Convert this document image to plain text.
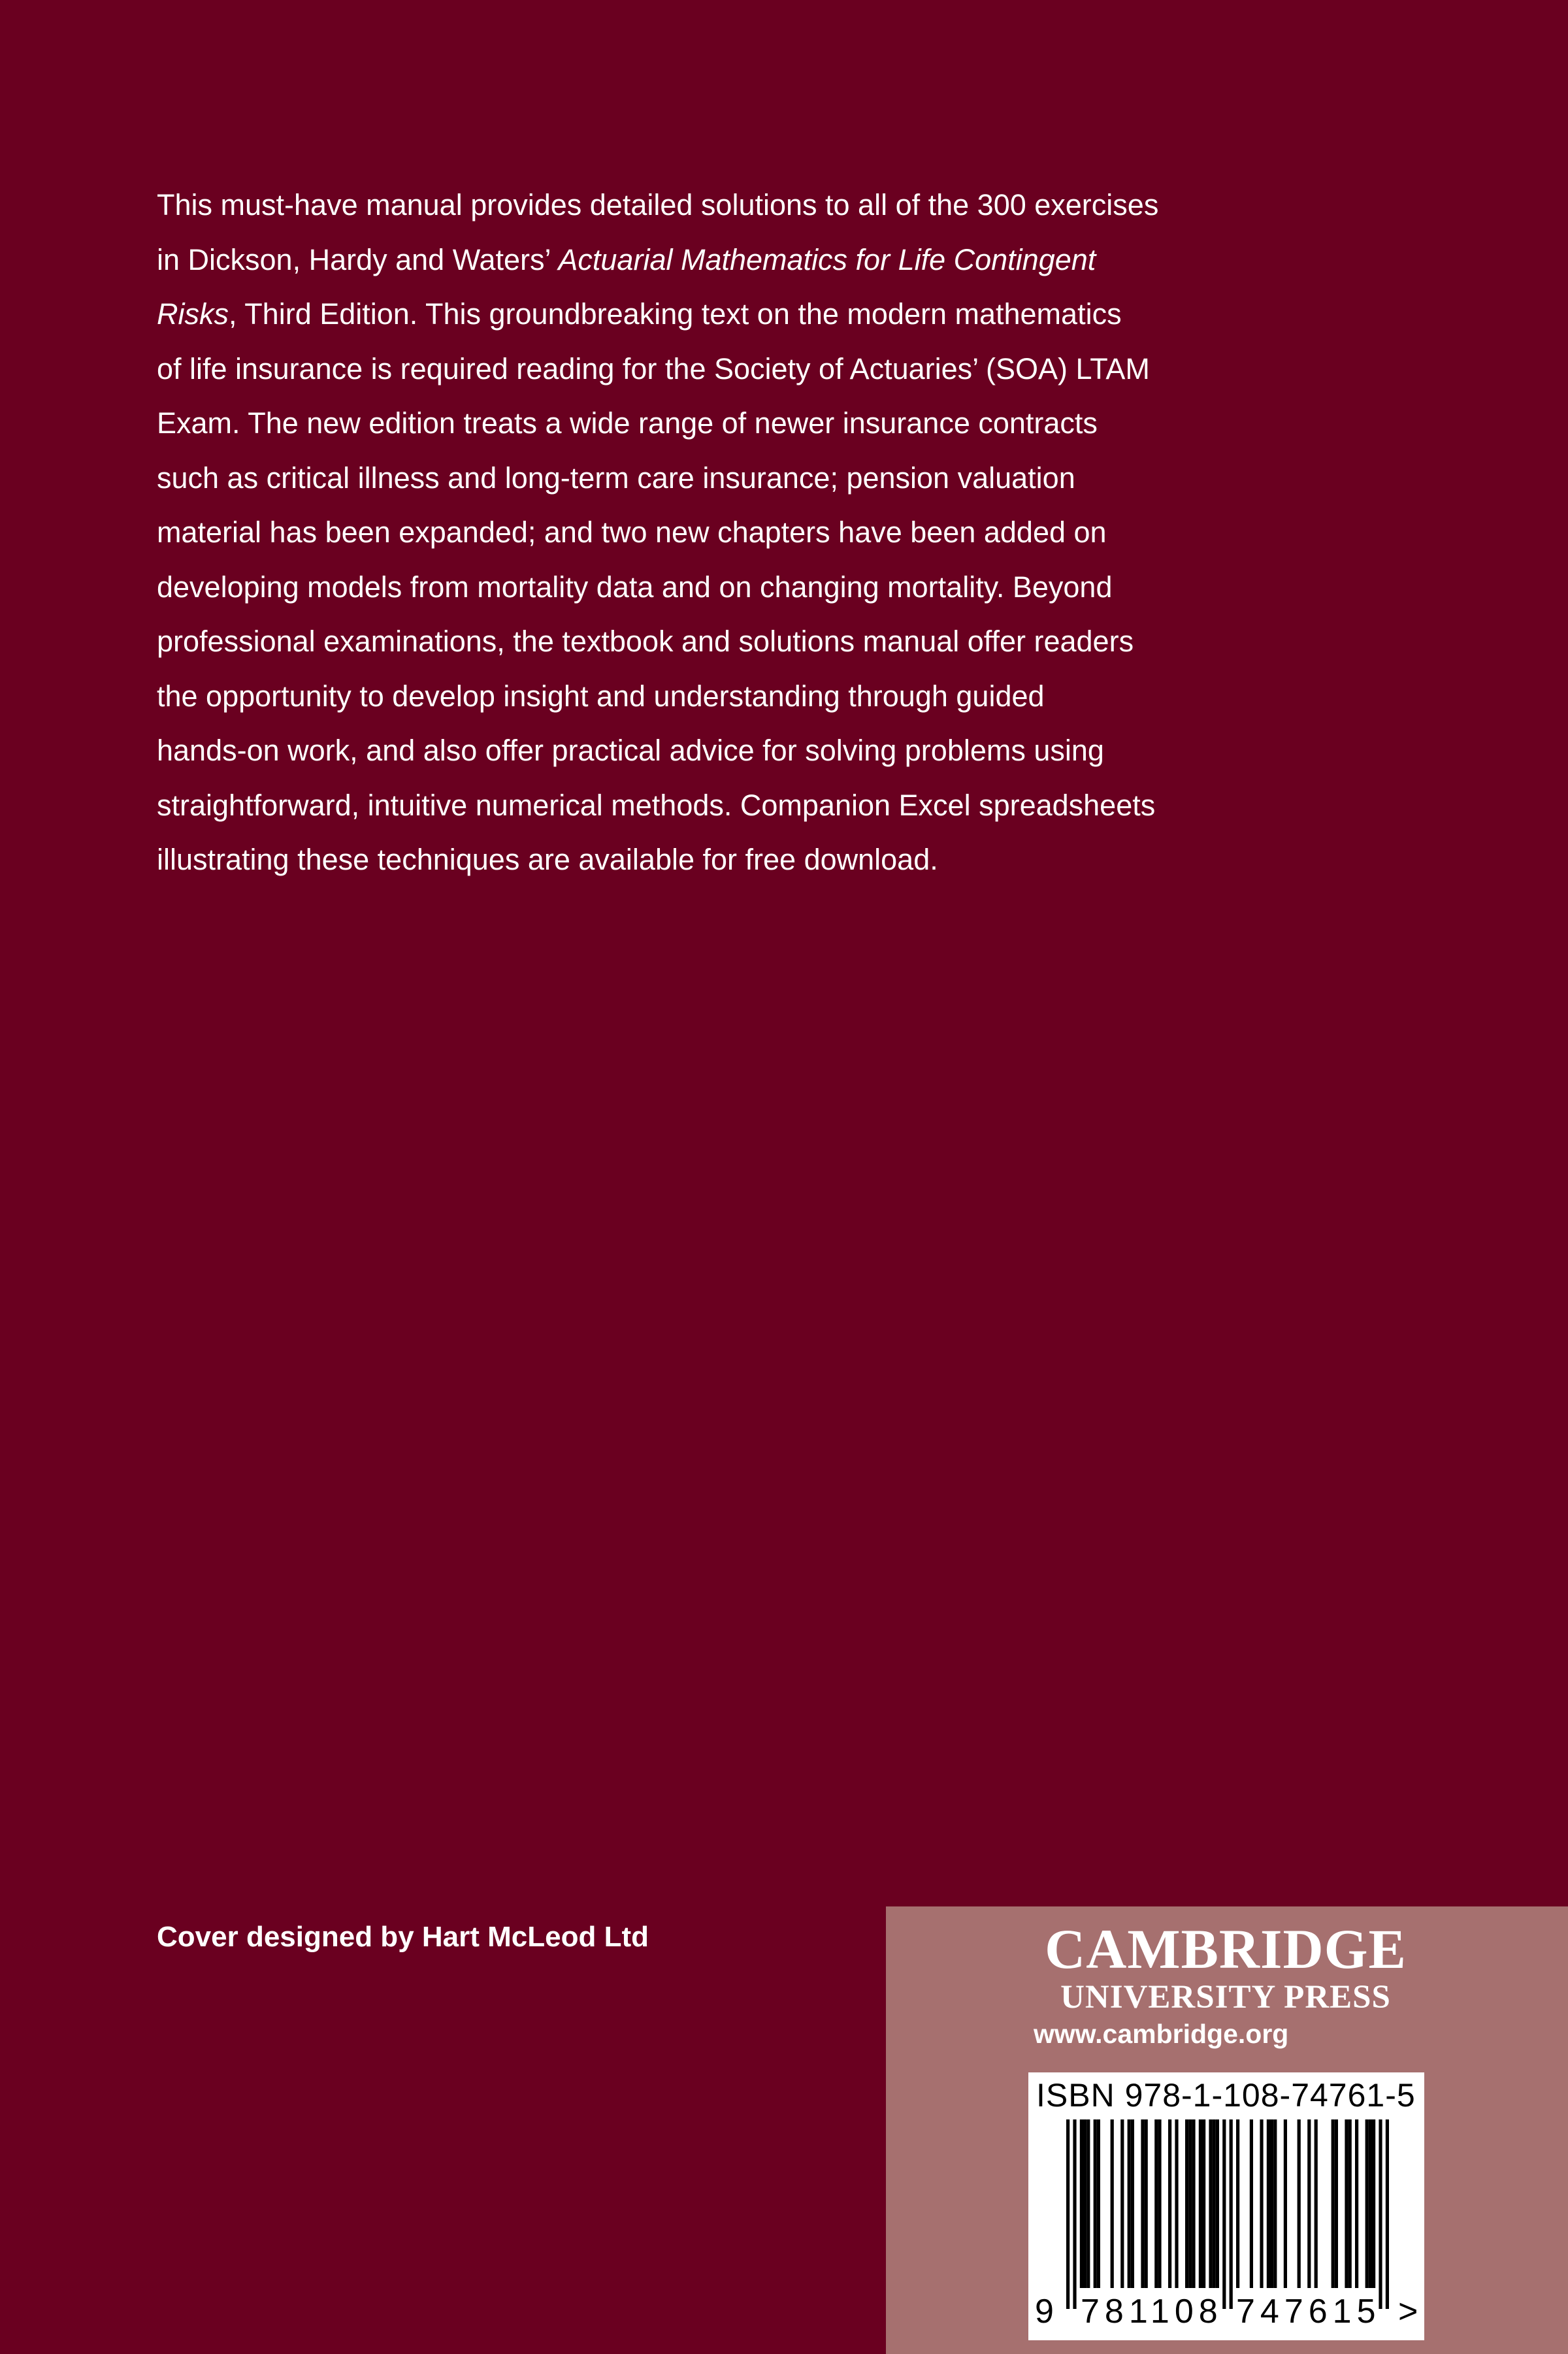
This must-have manual provides detailed solutions to all of the 300 exercises
in Dickson, Hardy and Waters’ Actuarial Mathematics for Life Contingent
Risks, Third Edition. This groundbreaking text on the modern mathematics
of life insurance is required reading for the Society of Actuaries’ (SOA) LTAM
Exam. The new edition treats a wide range of newer insurance contracts
such as critical illness and long-term care insurance; pension valuation
material has been expanded; and two new chapters have been added on
developing models from mortality data and on changing mortality. Beyond
professional examinations, the textbook and solutions manual offer readers
the opportunity to develop insight and understanding through guided
hands-on work, and also offer practical advice for solving problems using
straightforward, intuitive numerical methods. Companion Excel spreadsheets
illustrating these techniques are available for free download.

Cover designed by Hart McLeod Ltd	CAMBRIDGE
UNIVERSITY PRESS
www.cambridge.org
ISBN 978-1-108-74761-5
9 781108 747615 >
